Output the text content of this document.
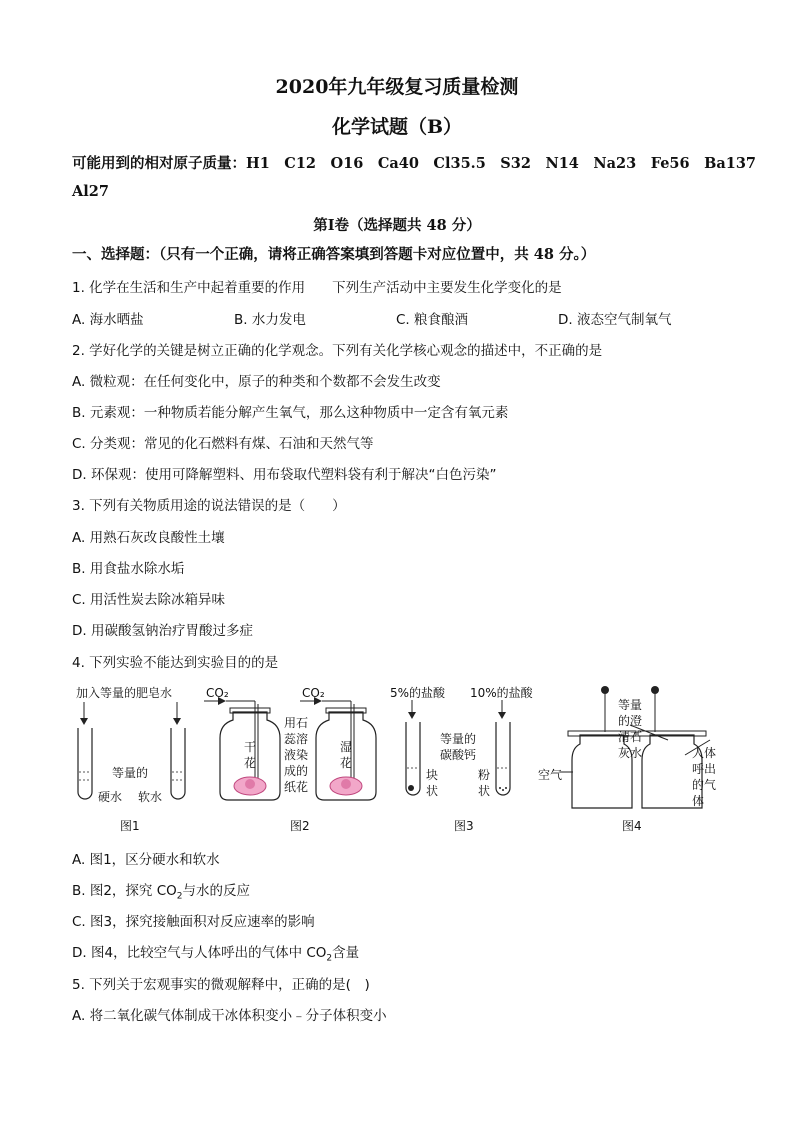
2020年九年级复习质量检测
化学试题（B）
可能用到的相对原子质量：H1　C12　O16　Ca40　Cl35.5　S32　N14　Na23　Fe56　Ba137
Al27
第Ⅰ卷（选择题共 48 分）
一、选择题：（只有一个正确，请将正确答案填到答题卡对应位置中，共 48 分。）
1. 化学在生活和生产中起着重要的作用　　下列生产活动中主要发生化学变化的是
A. 海水晒盐	B. 水力发电	C. 粮食酿酒	D. 液态空气制氧气
2. 学好化学的关键是树立正确的化学观念。下列有关化学核心观念的描述中，不正确的是
A. 微粒观：在任何变化中，原子的种类和个数都不会发生改变
B. 元素观：一种物质若能分解产生氧气，那么这种物质中一定含有氧元素
C. 分类观：常见的化石燃料有煤、石油和天然气等
D. 环保观：使用可降解塑料、用布袋取代塑料袋有利于解决“白色污染”
3. 下列有关物质用途的说法错误的是（　　）
A. 用熟石灰改良酸性土壤
B. 用食盐水除水垢
C. 用活性炭去除冰箱异味
D. 用碳酸氢钠治疗胃酸过多症
4. 下列实验不能达到实验目的的是
加入等量的肥皂水
等量的
硬水 软水
图1
CO₂	CO₂
干
花
湿
花
用石
蕊溶
液染
成的
纸花
图2
5%的盐酸 10%的盐酸
等量的
碳酸钙
块
状
粉
状
图3
等量
的澄
清石
灰水
空气
人体
呼出
的气
体
图4
A. 图1，区分硬水和软水
B. 图2，探究 $CO_2$与水的反应
C. 图3，探究接触面积对反应速率的影响
D. 图4，比较空气与人体呼出的气体中 $CO_2$含量
5. 下列关于宏观事实的微观解释中，正确的是(　)
A. 将二氧化碳气体制成干冰体积变小﹣分子体积变小
